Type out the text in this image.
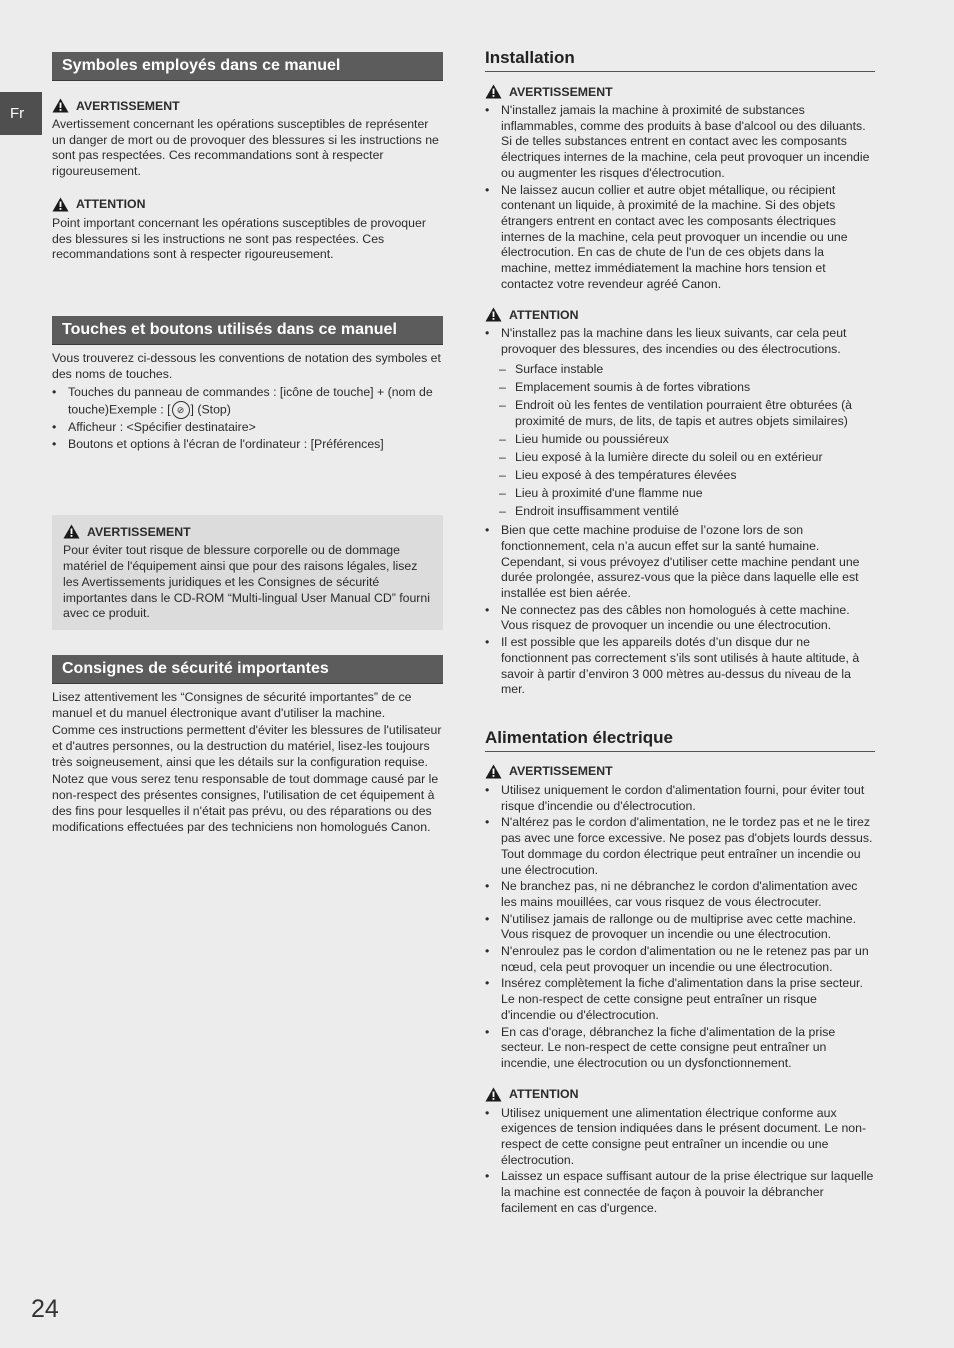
Fr
Symboles employés dans ce manuel
AVERTISSEMENT

Avertissement concernant les opérations susceptibles de représenter un danger de mort ou de provoquer des blessures si les instructions ne sont pas respectées. Ces recommandations sont à respecter rigoureusement.

ATTENTION

Point important concernant les opérations susceptibles de provoquer des blessures si les instructions ne sont pas respectées. Ces recommandations sont à respecter rigoureusement.

Touches et boutons utilisés dans ce manuel

Vous trouverez ci-dessous les conventions de notation des symboles et des noms de touches.

• Touches du panneau de commandes : [icône de touche] + (nom de touche)Exemple : [ ⊘ ] (Stop)
• Afficheur : <Spécifier destinataire>
• Boutons et options à l'écran de l'ordinateur : [Préférences]
AVERTISSEMENT

Pour éviter tout risque de blessure corporelle ou de dommage matériel de l'équipement ainsi que pour des raisons légales, lisez les Avertissements juridiques et les Consignes de sécurité importantes dans le CD-ROM “Multi-lingual User Manual CD” fourni avec ce produit.

Consignes de sécurité importantes

Lisez attentivement les “Consignes de sécurité importantes” de ce manuel et du manuel électronique avant d'utiliser la machine.

Comme ces instructions permettent d'éviter les blessures de l'utilisateur et d'autres personnes, ou la destruction du matériel, lisez-les toujours très soigneusement, ainsi que les détails sur la configuration requise.

Notez que vous serez tenu responsable de tout dommage causé par le non-respect des présentes consignes, l'utilisation de cet équipement à des fins pour lesquelles il n'était pas prévu, ou des réparations ou des modifications effectuées par des techniciens non homologués Canon.

Installation
AVERTISSEMENT
• N'installez jamais la machine à proximité de substances inflammables, comme des produits à base d'alcool ou des diluants. Si de telles substances entrent en contact avec les composants électriques internes de la machine, cela peut provoquer un incendie ou augmenter les risques d'électrocution.
• Ne laissez aucun collier et autre objet métallique, ou récipient contenant un liquide, à proximité de la machine. Si des objets étrangers entrent en contact avec les composants électriques internes de la machine, cela peut provoquer un incendie ou une électrocution. En cas de chute de l'un de ces objets dans la machine, mettez immédiatement la machine hors tension et contactez votre revendeur agréé Canon.
ATTENTION
• N'installez pas la machine dans les lieux suivants, car cela peut provoquer des blessures, des incendies ou des électrocutions.
– Surface instable
– Emplacement soumis à de fortes vibrations
– Endroit où les fentes de ventilation pourraient être obturées (à proximité de murs, de lits, de tapis et autres objets similaires)
– Lieu humide ou poussiéreux
– Lieu exposé à la lumière directe du soleil ou en extérieur
– Lieu exposé à des températures élevées
– Lieu à proximité d'une flamme nue
– Endroit insuffisamment ventilé
• Bien que cette machine produise de l’ozone lors de son fonctionnement, cela n’a aucun effet sur la santé humaine. Cependant, si vous prévoyez d'utiliser cette machine pendant une durée prolongée, assurez-vous que la pièce dans laquelle elle est installée est bien aérée.
• Ne connectez pas des câbles non homologués à cette machine. Vous risquez de provoquer un incendie ou une électrocution.
• Il est possible que les appareils dotés d’un disque dur ne fonctionnent pas correctement s’ils sont utilisés à haute altitude, à savoir à partir d’environ 3 000 mètres au-dessus du niveau de la mer.
Alimentation électrique
AVERTISSEMENT
• Utilisez uniquement le cordon d'alimentation fourni, pour éviter tout risque d'incendie ou d'électrocution.
• N'altérez pas le cordon d'alimentation, ne le tordez pas et ne le tirez pas avec une force excessive. Ne posez pas d'objets lourds dessus. Tout dommage du cordon électrique peut entraîner un incendie ou une électrocution.
• Ne branchez pas, ni ne débranchez le cordon d'alimentation avec les mains mouillées, car vous risquez de vous électrocuter.
• N'utilisez jamais de rallonge ou de multiprise avec cette machine. Vous risquez de provoquer un incendie ou une électrocution.
• N'enroulez pas le cordon d'alimentation ou ne le retenez pas par un nœud, cela peut provoquer un incendie ou une électrocution.
• Insérez complètement la fiche d'alimentation dans la prise secteur. Le non-respect de cette consigne peut entraîner un risque d'incendie ou d'électrocution.
• En cas d'orage, débranchez la fiche d'alimentation de la prise secteur. Le non-respect de cette consigne peut entraîner un incendie, une électrocution ou un dysfonctionnement.
ATTENTION
• Utilisez uniquement une alimentation électrique conforme aux exigences de tension indiquées dans le présent document. Le non-respect de cette consigne peut entraîner un incendie ou une électrocution.
• Laissez un espace suffisant autour de la prise électrique sur laquelle la machine est connectée de façon à pouvoir la débrancher facilement en cas d'urgence.
24
